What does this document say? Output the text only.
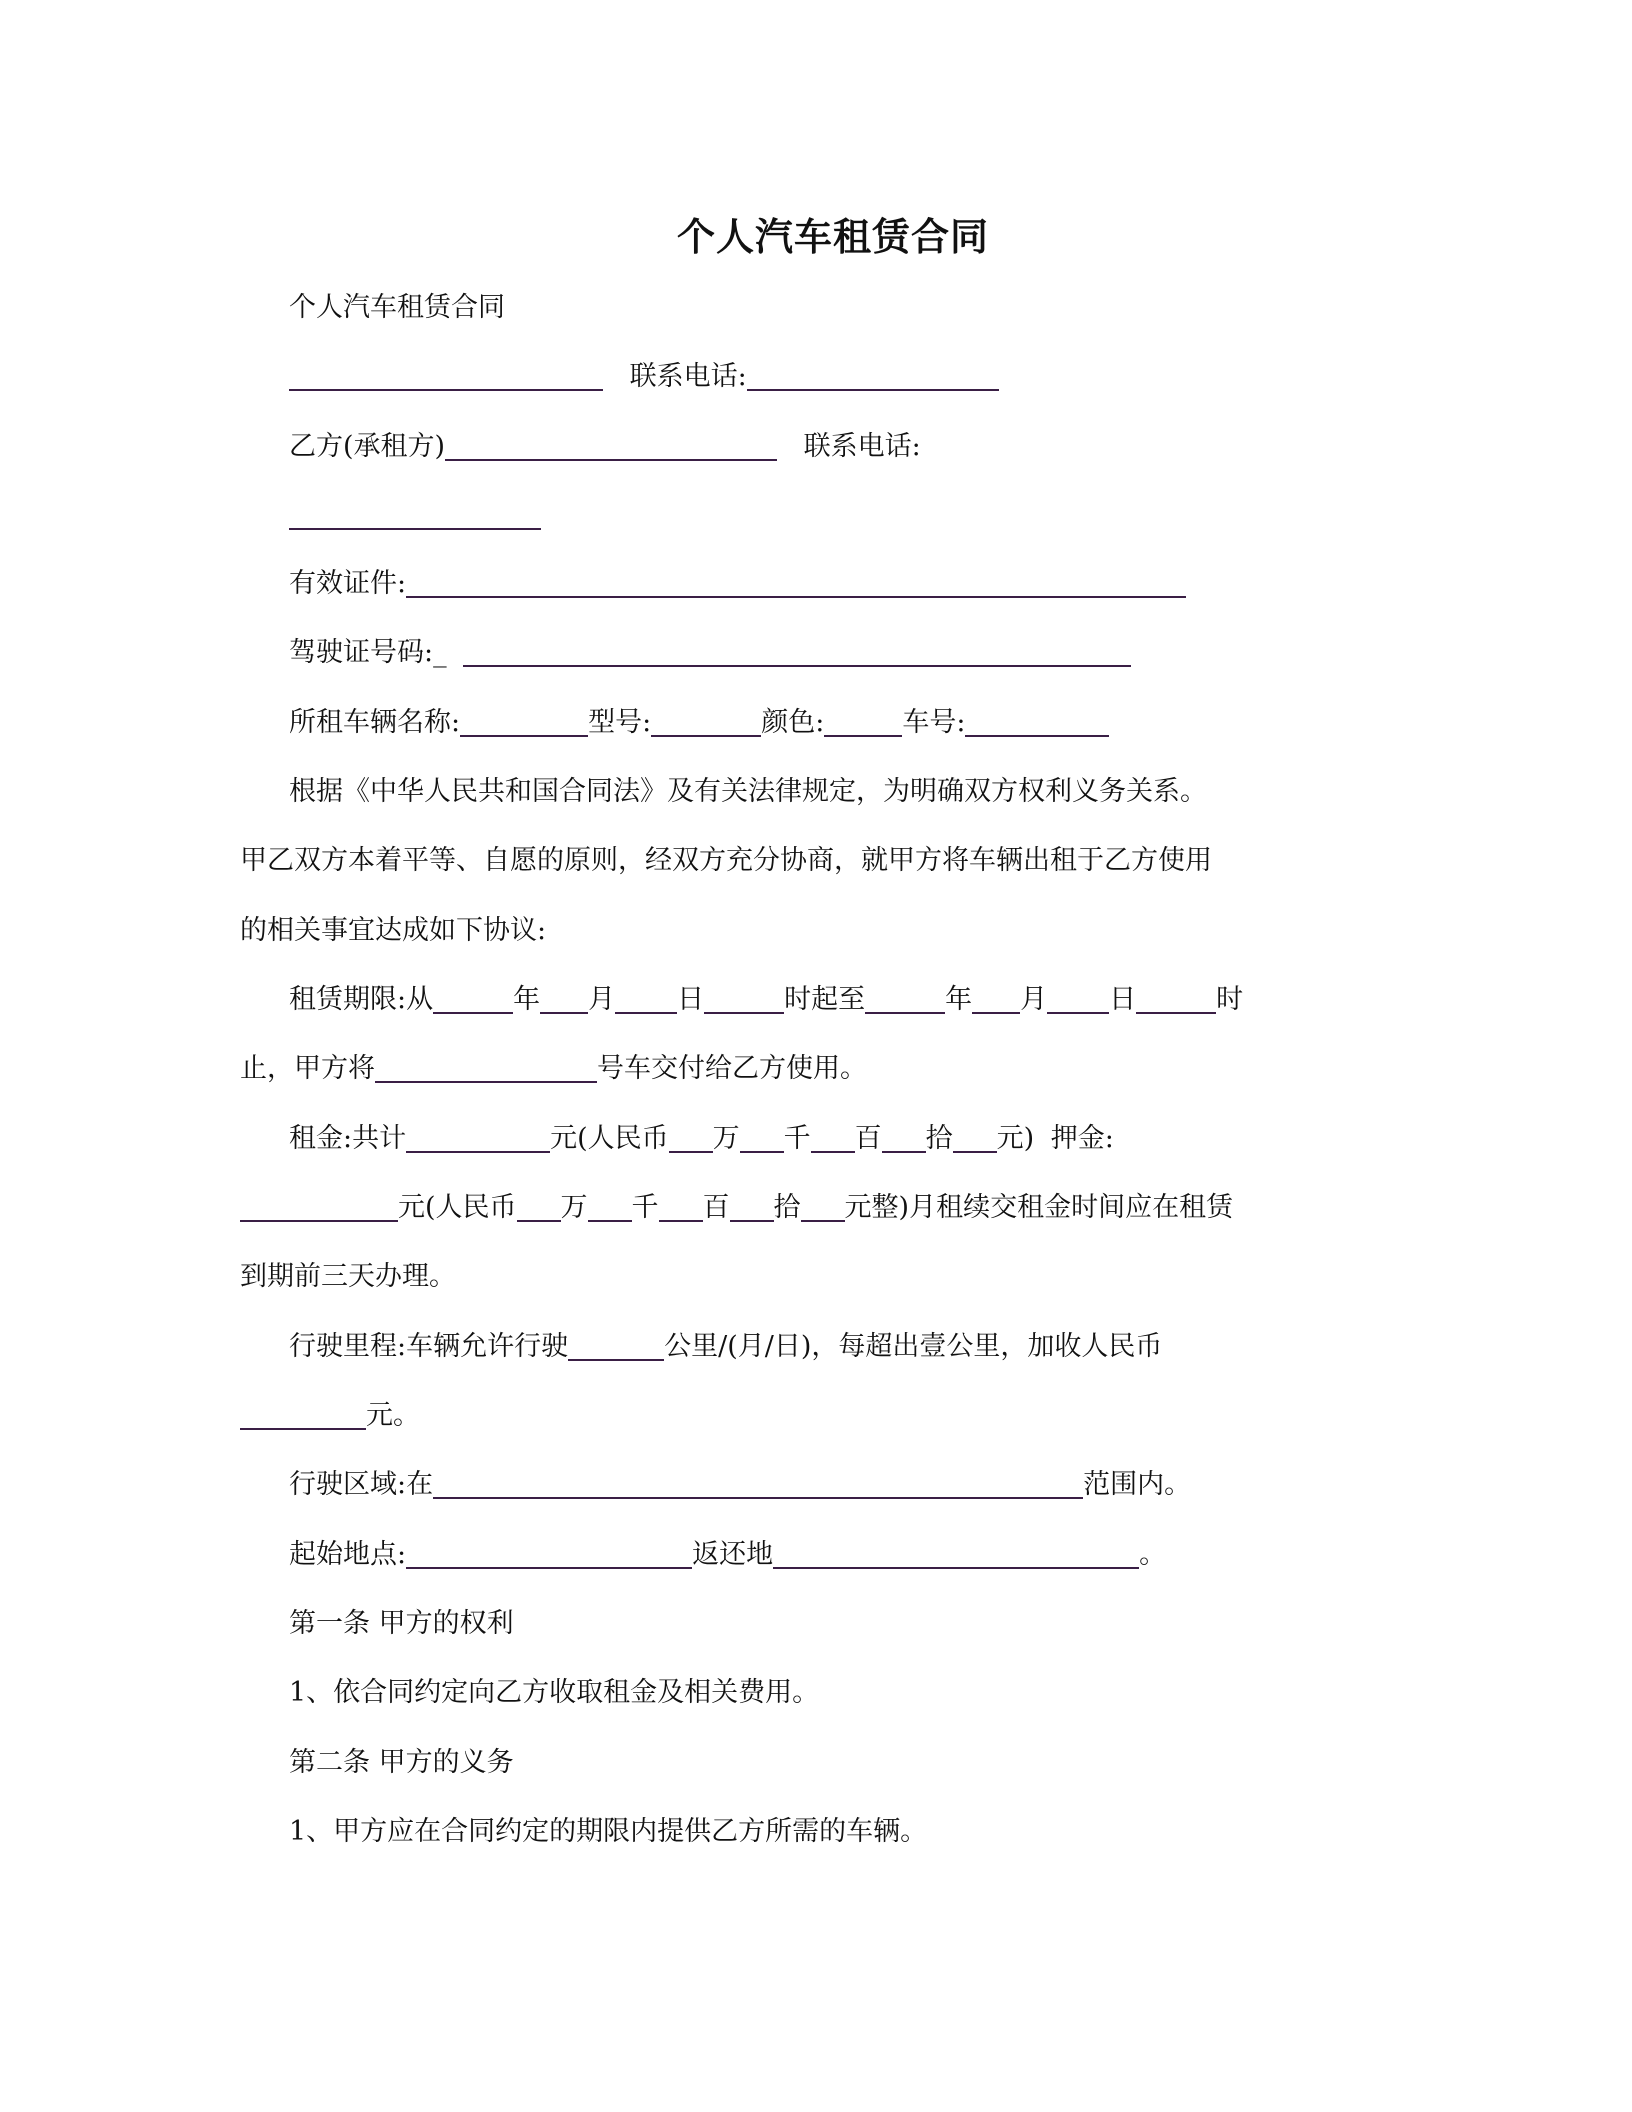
个人汽车租赁合同
个人汽车租赁合同
联系电话:
乙方(承租方)	联系电话:
有效证件:
驾驶证号码:_
所租车辆名称:	型号:	颜色:	车号:
根据《中华人民共和国合同法》及有关法律规定，为明确双方权利义务关系。
甲乙双方本着平等、自愿的原则，经双方充分协商，就甲方将车辆出租于乙方使用
的相关事宜达成如下协议:
租赁期限:从	年 月 日	时起至	年 月 日	时
止，甲方将	号车交付给乙方使用。
租金:共计	元(人民币 万 千 百 拾 元) 押金:
元(人民币 万 千 百 拾 元整)月租续交租金时间应在租赁
到期前三天办理。
行驶里程:车辆允许行驶	公里/(月/日)，每超出壹公里，加收人民币
元。
行驶区域:在	范围内。
起始地点:	返还地	。
第一条 甲方的权利
1、依合同约定向乙方收取租金及相关费用。
第二条 甲方的义务
1、甲方应在合同约定的期限内提供乙方所需的车辆。
